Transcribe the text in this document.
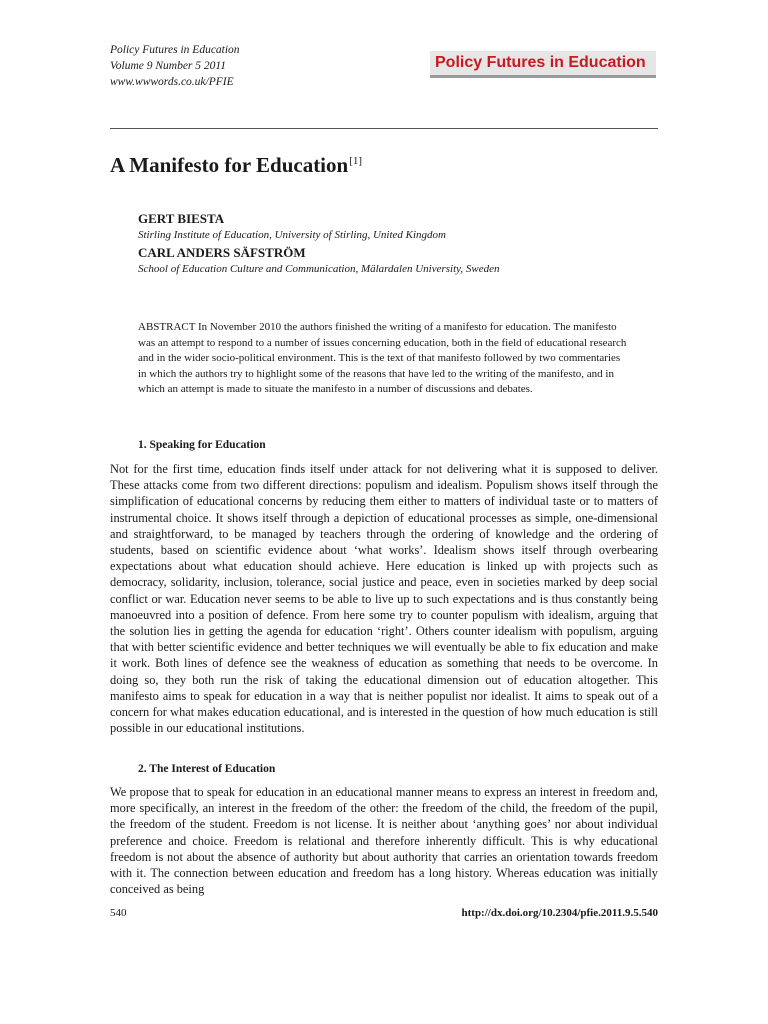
Policy Futures in Education
Volume 9 Number 5 2011
www.wwwords.co.uk/PFIE
Policy Futures in Education
A Manifesto for Education[1]
GERT BIESTA
Stirling Institute of Education, University of Stirling, United Kingdom
CARL ANDERS SÄFSTRÖM
School of Education Culture and Communication, Mälardalen University, Sweden
ABSTRACT In November 2010 the authors finished the writing of a manifesto for education. The manifesto was an attempt to respond to a number of issues concerning education, both in the field of educational research and in the wider socio-political environment. This is the text of that manifesto followed by two commentaries in which the authors try to highlight some of the reasons that have led to the writing of the manifesto, and in which an attempt is made to situate the manifesto in a number of discussions and debates.
1. Speaking for Education
Not for the first time, education finds itself under attack for not delivering what it is supposed to deliver. These attacks come from two different directions: populism and idealism. Populism shows itself through the simplification of educational concerns by reducing them either to matters of individual taste or to matters of instrumental choice. It shows itself through a depiction of educational processes as simple, one-dimensional and straightforward, to be managed by teachers through the ordering of knowledge and the ordering of students, based on scientific evidence about ‘what works’. Idealism shows itself through overbearing expectations about what education should achieve. Here education is linked up with projects such as democracy, solidarity, inclusion, tolerance, social justice and peace, even in societies marked by deep social conflict or war. Education never seems to be able to live up to such expectations and is thus constantly being manoeuvred into a position of defence. From here some try to counter populism with idealism, arguing that the solution lies in getting the agenda for education ‘right’. Others counter idealism with populism, arguing that with better scientific evidence and better techniques we will eventually be able to fix education and make it work. Both lines of defence see the weakness of education as something that needs to be overcome. In doing so, they both run the risk of taking the educational dimension out of education altogether. This manifesto aims to speak for education in a way that is neither populist nor idealist. It aims to speak out of a concern for what makes education educational, and is interested in the question of how much education is still possible in our educational institutions.
2. The Interest of Education
We propose that to speak for education in an educational manner means to express an interest in freedom and, more specifically, an interest in the freedom of the other: the freedom of the child, the freedom of the pupil, the freedom of the student. Freedom is not license. It is neither about ‘anything goes’ nor about individual preference and choice. Freedom is relational and therefore inherently difficult. This is why educational freedom is not about the absence of authority but about authority that carries an orientation towards freedom with it. The connection between education and freedom has a long history. Whereas education was initially conceived as being
540	http://dx.doi.org/10.2304/pfie.2011.9.5.540
